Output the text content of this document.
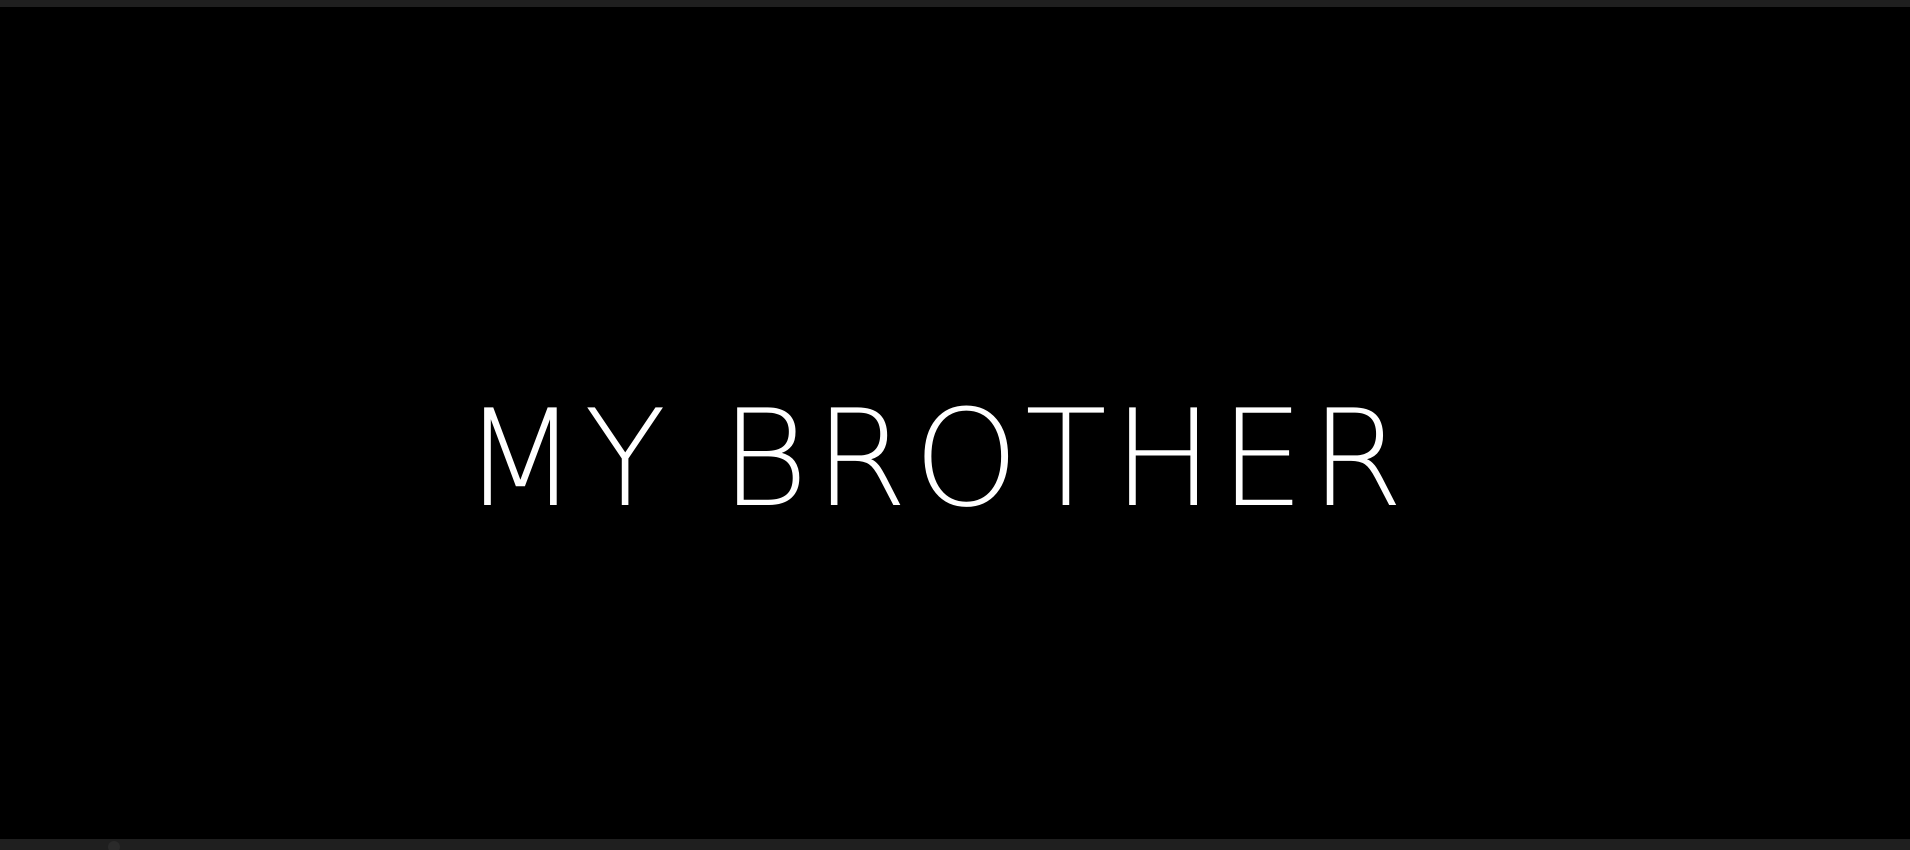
MY BROTHER
